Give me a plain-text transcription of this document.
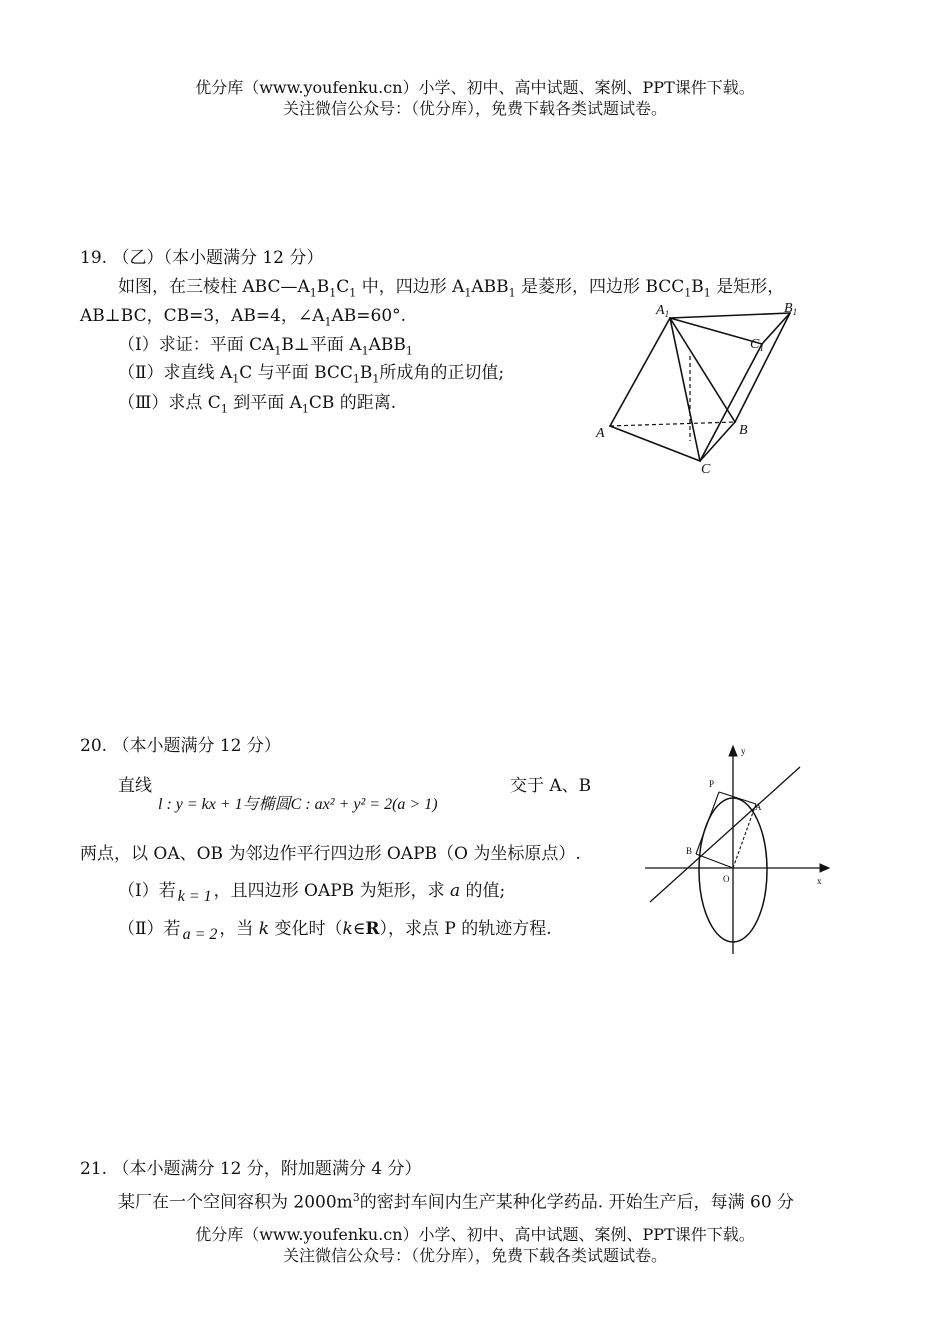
优分库（www.youfenku.cn）小学、初中、高中试题、案例、PPT课件下载。
关注微信公众号：（优分库），免费下载各类试题试卷。
19. （乙）（本小题满分 12 分）
如图，在三棱柱 $ABC—A_1B_1C_1$ 中，四边形 $A_1ABB_1$ 是菱形，四边形 $BCC_1B_1$ 是矩形，
AB⊥BC，CB=3，AB=4，$\angle A_1AB=60^\circ$.
（Ⅰ）求证：平面 $CA_1B\perp$平面 $A_1ABB_1$
（Ⅱ）求直线 $A_1C$ 与平面 $BCC_1B_1$所成角的正切值;
（Ⅲ）求点 $C_1$ 到平面 $A_1CB$ 的距离.
$A_1$	$B_1$
$C_1$
A	B
C
20. （本小题满分 12 分）
直线
l : y = kx + 1与椭圆C : ax² + y² = 2(a > 1)
交于 A、B
两点，以 OA、OB 为邻边作平行四边形 OAPB（O 为坐标原点）.
（Ⅰ）若 k = 1 ，且四边形 OAPB 为矩形，求 a 的值;
（Ⅱ）若 a = 2 ，当 k 变化时（k∈R），求点 P 的轨迹方程.
y
x
P
A
B
O
21. （本小题满分 12 分，附加题满分 4 分）
某厂在一个空间容积为 $2000m^3$的密封车间内生产某种化学药品. 开始生产后，每满 60 分
优分库（www.youfenku.cn）小学、初中、高中试题、案例、PPT课件下载。
关注微信公众号：（优分库），免费下载各类试题试卷。
